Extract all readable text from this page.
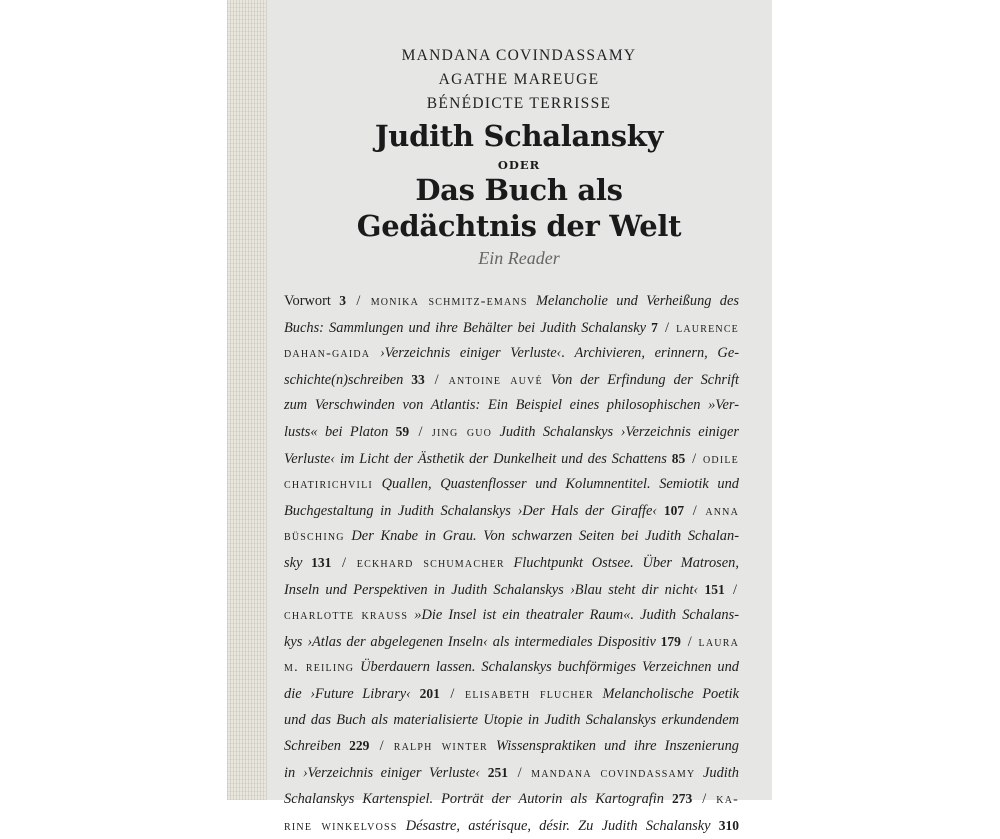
MANDANA COVINDASSAMY
AGATHE MAREUGE
BÉNÉDICTE TERRISSE
Judith Schalansky
ODER
Das Buch als
Gedächtnis der Welt
Ein Reader
Vorwort 3 / monika schmitz-emans Melancholie und Verheißung des
Buchs: Sammlungen und ihre Behälter bei Judith Schalansky 7 / laurence
dahan-gaida ›Verzeichnis einiger Verluste‹. Archivieren, erinnern, Ge-
schichte(n)schreiben 33 / antoine auvé Von der Erfindung der Schrift
zum Verschwinden von Atlantis: Ein Beispiel eines philosophischen »Ver-
lusts« bei Platon 59 / jing guo Judith Schalanskys ›Verzeichnis einiger
Verluste‹ im Licht der Ästhetik der Dunkelheit und des Schattens 85 / odile
chatirichvili Quallen, Quastenflosser und Kolumnentitel. Semiotik und
Buchgestaltung in Judith Schalanskys ›Der Hals der Giraffe‹ 107 / anna
büsching Der Knabe in Grau. Von schwarzen Seiten bei Judith Schalan-
sky 131 / eckhard schumacher Fluchtpunkt Ostsee. Über Matrosen,
Inseln und Perspektiven in Judith Schalanskys ›Blau steht dir nicht‹ 151 /
charlotte krauss »Die Insel ist ein theatraler Raum«. Judith Schalans-
kys ›Atlas der abgelegenen Inseln‹ als intermediales Dispositiv 179 / laura
m. reiling Überdauern lassen. Schalanskys buchförmiges Verzeichnen und
die ›Future Library‹ 201 / elisabeth flucher Melancholische Poetik
und das Buch als materialisierte Utopie in Judith Schalanskys erkundendem
Schreiben 229 / ralph winter Wissenspraktiken und ihre Inszenierung
in ›Verzeichnis einiger Verluste‹ 251 / mandana covindassamy Judith
Schalanskys Kartenspiel. Porträt der Autorin als Kartografin 273 / ka-
rine winkelvoss Désastre, astérisque, désir. Zu Judith Schalansky 310
